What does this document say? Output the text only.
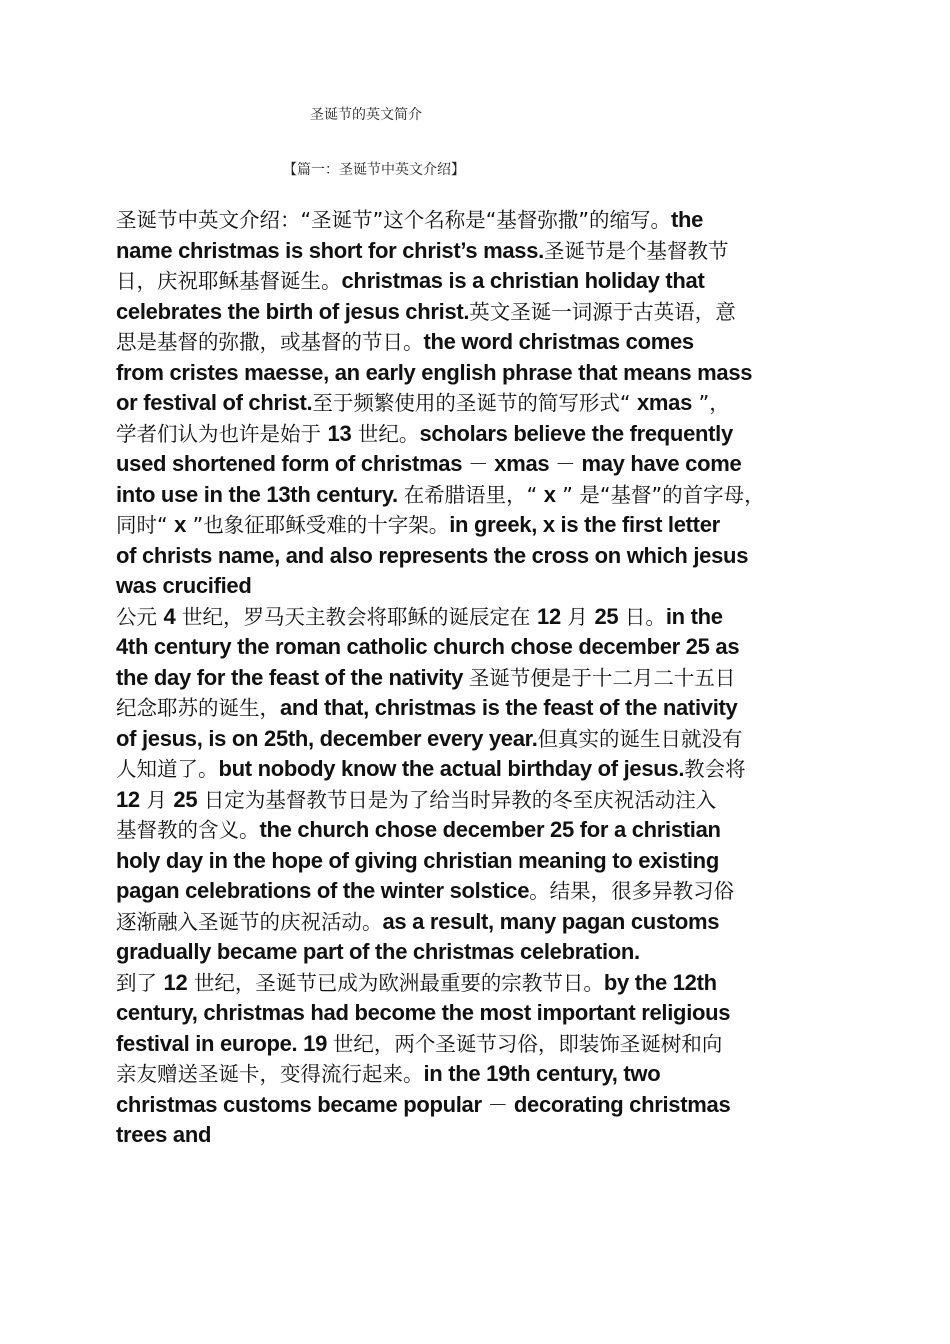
圣诞节的英文简介
【篇一：圣诞节中英文介绍】
圣诞节中英文介绍：“圣诞节”这个名称是“基督弥撒”的缩写。the
name christmas is short for christ’s mass.圣诞节是个基督教节
日，庆祝耶稣基督诞生。christmas is a christian holiday that
celebrates the birth of jesus christ.英文圣诞一词源于古英语，意
思是基督的弥撒，或基督的节日。the word christmas comes
from cristes maesse, an early english phrase that means mass
or festival of christ.至于频繁使用的圣诞节的简写形式“ xmas ”，
学者们认为也许是始于 13 世纪。scholars believe the frequently
used shortened form of christmas － xmas － may have come
into use in the 13th century. 在希腊语里，“ x ” 是“基督”的首字母，
同时“ x ”也象征耶稣受难的十字架。in greek, x is the first letter
of christs name, and also represents the cross on which jesus
was crucified
公元 4 世纪，罗马天主教会将耶稣的诞辰定在 12 月 25 日。in the
4th century the roman catholic church chose december 25 as
the day for the feast of the nativity 圣诞节便是于十二月二十五日
纪念耶苏的诞生，and that, christmas is the feast of the nativity
of jesus, is on 25th, december every year.但真实的诞生日就没有
人知道了。but nobody know the actual birthday of jesus.教会将
12 月 25 日定为基督教节日是为了给当时异教的冬至庆祝活动注入
基督教的含义。the church chose december 25 for a christian
holy day in the hope of giving christian meaning to existing
pagan celebrations of the winter solstice。结果，很多异教习俗
逐渐融入圣诞节的庆祝活动。as a result, many pagan customs
gradually became part of the christmas celebration.
到了 12 世纪，圣诞节已成为欧洲最重要的宗教节日。by the 12th
century, christmas had become the most important religious
festival in europe. 19 世纪，两个圣诞节习俗，即装饰圣诞树和向
亲友赠送圣诞卡，变得流行起来。in the 19th century, two
christmas customs became popular － decorating christmas
trees and
